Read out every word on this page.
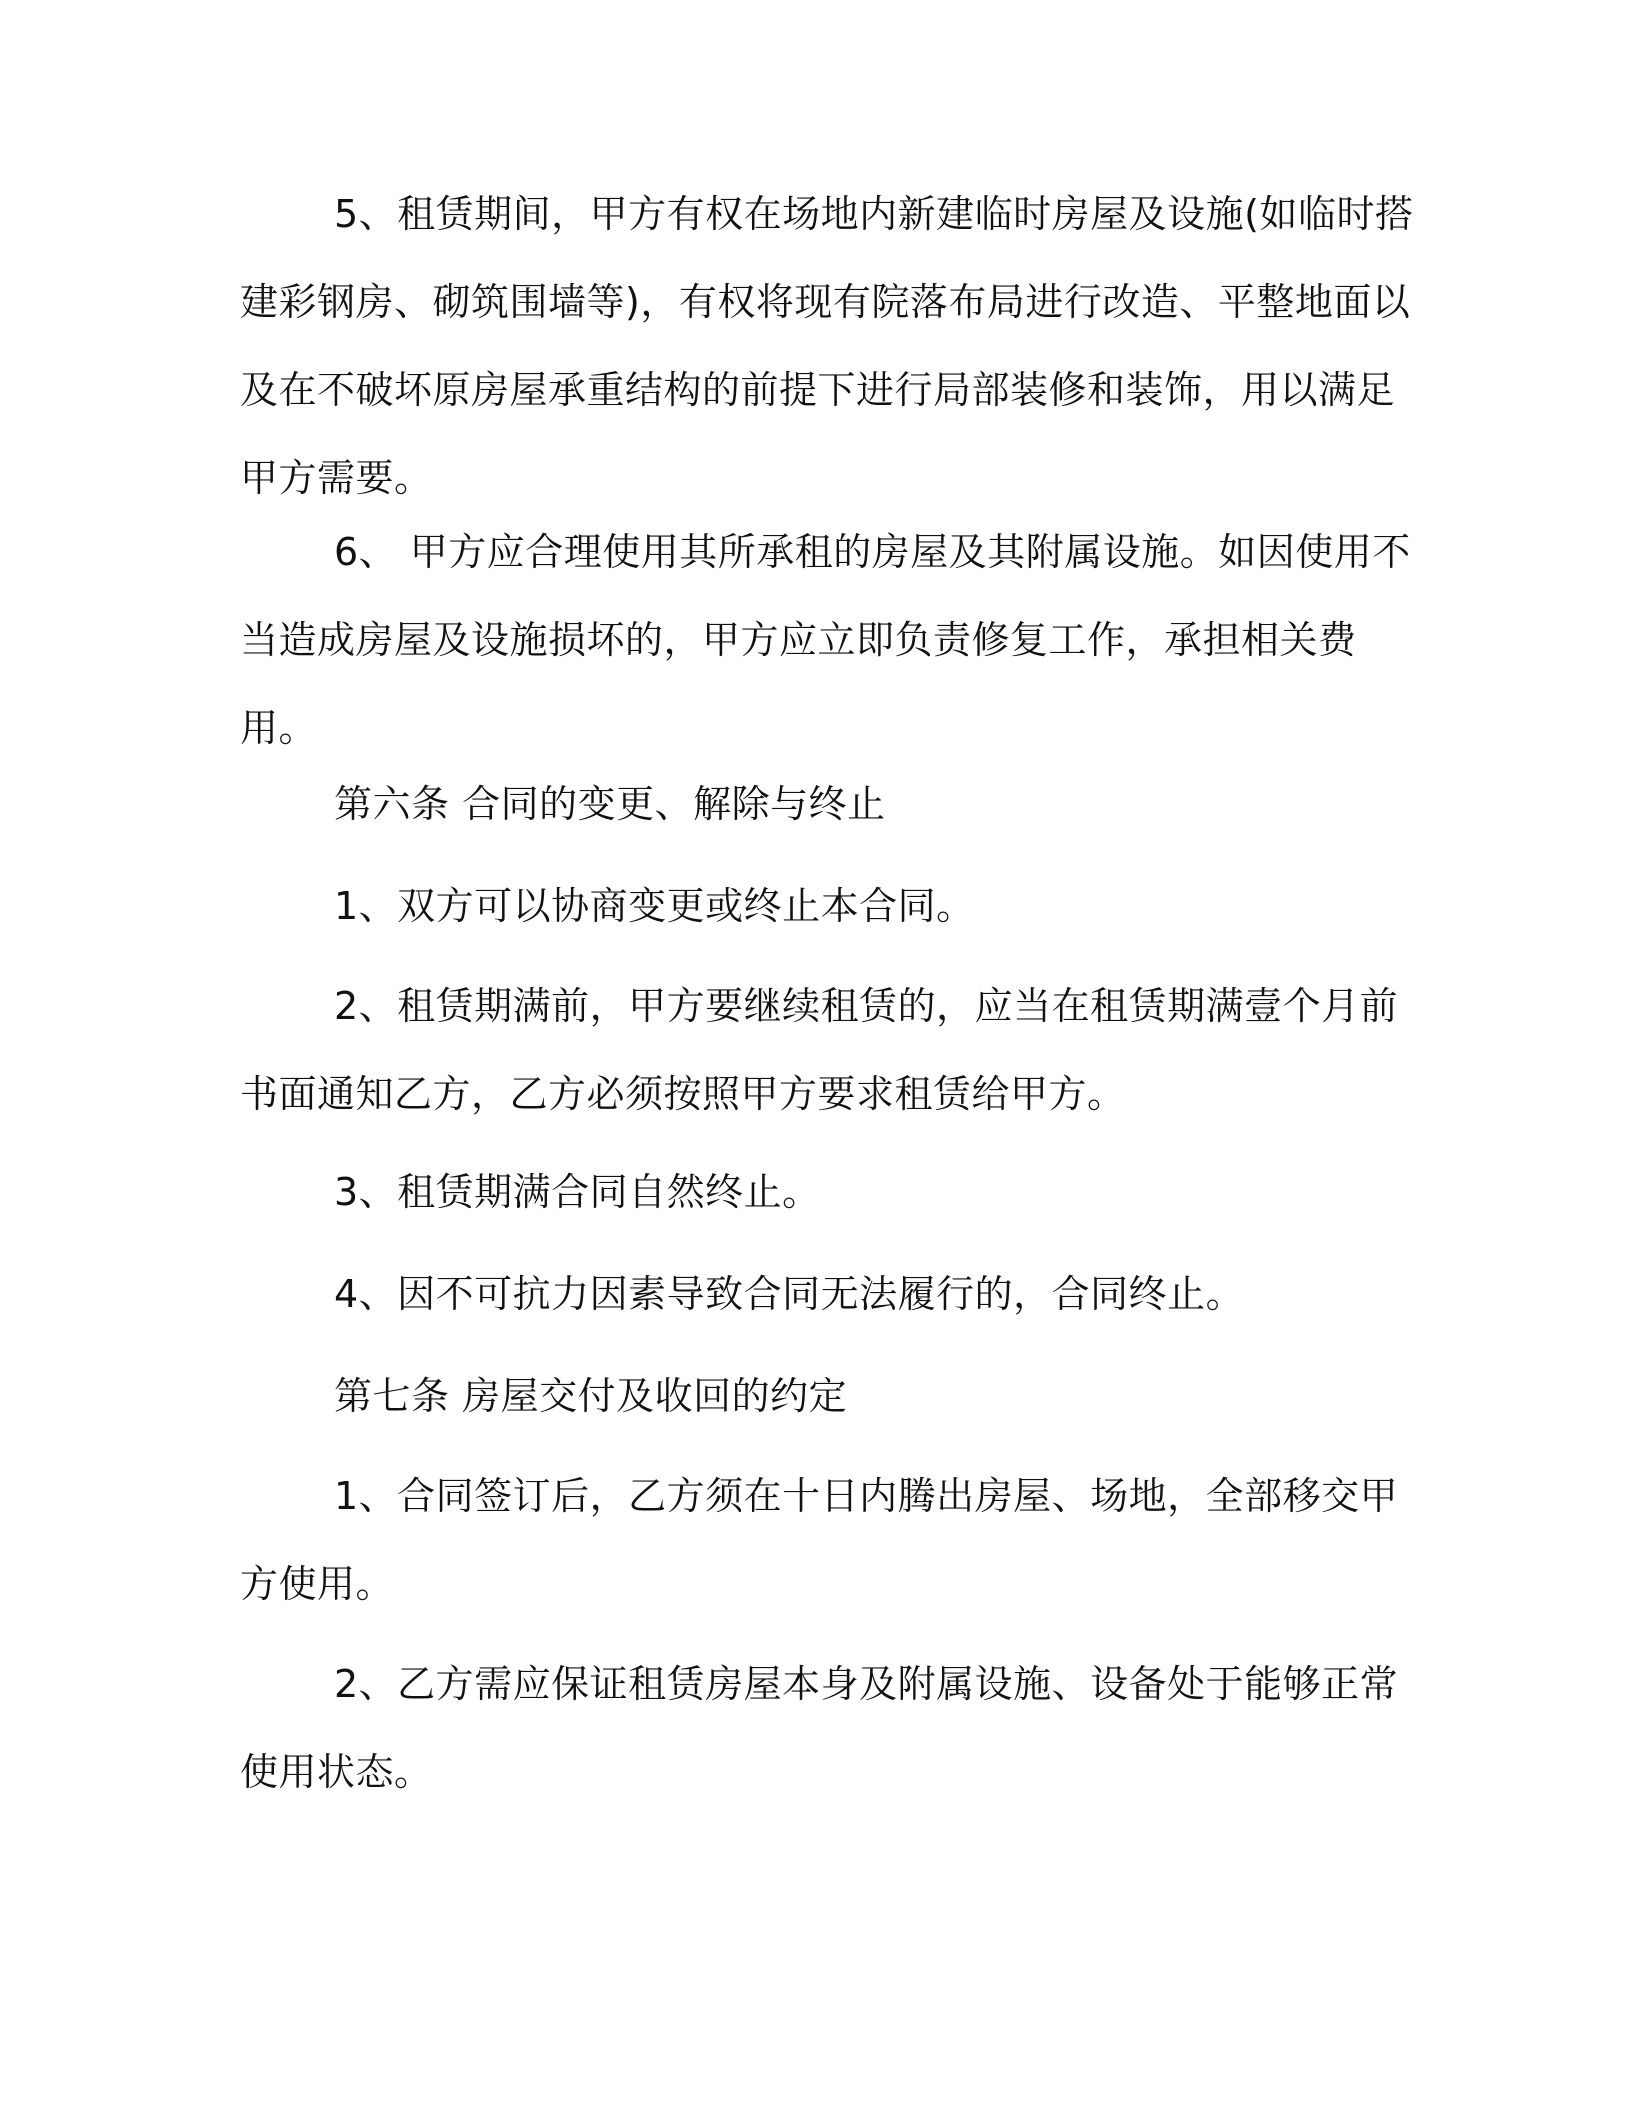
5、租赁期间，甲方有权在场地内新建临时房屋及设施(如临时搭
建彩钢房、砌筑围墙等)，有权将现有院落布局进行改造、平整地面以
及在不破坏原房屋承重结构的前提下进行局部装修和装饰，用以满足
甲方需要。
6、 甲方应合理使用其所承租的房屋及其附属设施。如因使用不
当造成房屋及设施损坏的，甲方应立即负责修复工作，承担相关费
用。
第六条 合同的变更、解除与终止
1、双方可以协商变更或终止本合同。
2、租赁期满前，甲方要继续租赁的，应当在租赁期满壹个月前
书面通知乙方，乙方必须按照甲方要求租赁给甲方。
3、租赁期满合同自然终止。
4、因不可抗力因素导致合同无法履行的，合同终止。
第七条 房屋交付及收回的约定
1、合同签订后，乙方须在十日内腾出房屋、场地，全部移交甲
方使用。
2、乙方需应保证租赁房屋本身及附属设施、设备处于能够正常
使用状态。
